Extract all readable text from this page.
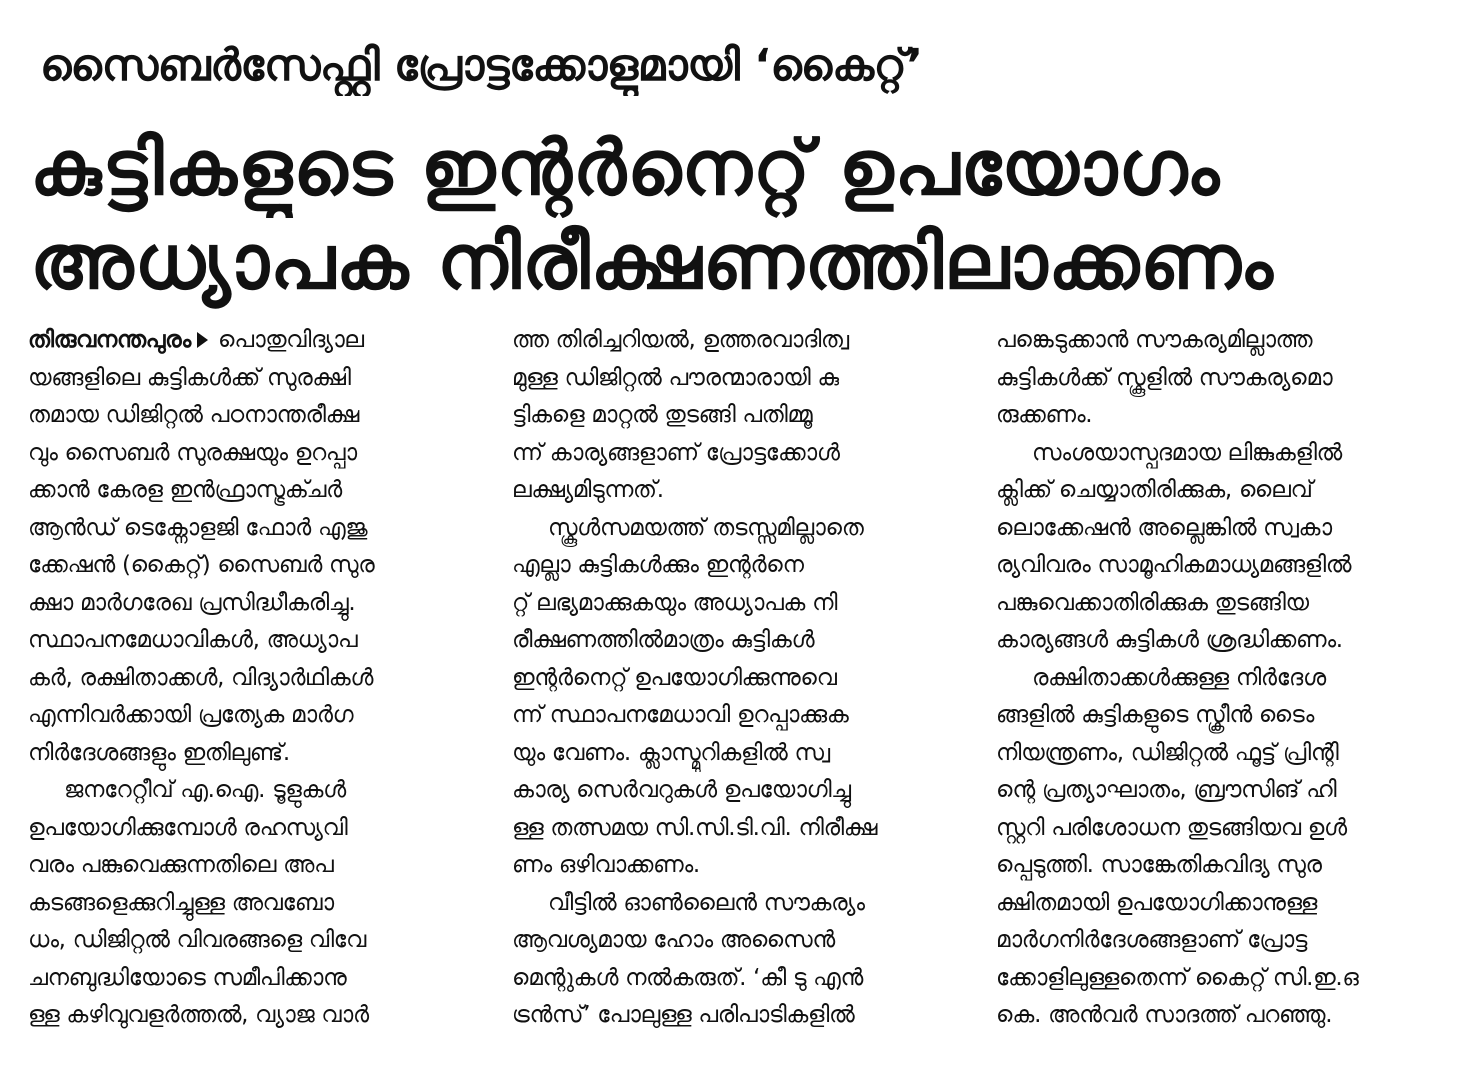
സൈബർസേഫ്റ്റി പ്രോട്ടക്കോളുമായി ‘കൈറ്റ്’
കുട്ടികളുടെ ഇന്റർനെറ്റ് ഉപയോഗം
അധ്യാപക നിരീക്ഷണത്തിലാക്കണം
തിരുവനന്തപുരം പൊതുവിദ്യാല
യങ്ങളിലെ കുട്ടികൾക്ക് സുരക്ഷി
തമായ ഡിജിറ്റൽ പഠനാന്തരീക്ഷ
വും സൈബർ സുരക്ഷയും ഉറപ്പാ
ക്കാൻ കേരള ഇൻഫ്രാസ്ട്രക്ചർ
ആൻഡ് ടെക്നോളജി ഫോർ എജു
ക്കേഷൻ (കൈറ്റ്) സൈബർ സുര
ക്ഷാ മാർഗരേഖ പ്രസിദ്ധീകരിച്ചു.
സ്ഥാപനമേധാവികൾ, അധ്യാപ
കർ, രക്ഷിതാക്കൾ, വിദ്യാർഥികൾ
എന്നിവർക്കായി പ്രത്യേക മാർഗ
നിർദേശങ്ങളും ഇതിലുണ്ട്.
ജനറേറ്റീവ് എ.ഐ. ടൂളുകൾ
ഉപയോഗിക്കുമ്പോൾ രഹസ്യവി
വരം പങ്കുവെക്കുന്നതിലെ അപ
കടങ്ങളെക്കുറിച്ചുള്ള അവബോ
ധം, ഡിജിറ്റൽ വിവരങ്ങളെ വിവേ
ചനബുദ്ധിയോടെ സമീപിക്കാനു
ള്ള കഴിവുവളർത്തൽ, വ്യാജ വാർ
ത്ത തിരിച്ചറിയൽ, ഉത്തരവാദിത്വ
മുള്ള ഡിജിറ്റൽ പൗരന്മാരായി കു
ട്ടികളെ മാറ്റൽ തുടങ്ങി പതിമ്മൂ
ന്ന് കാര്യങ്ങളാണ് പ്രോട്ടക്കോൾ
ലക്ഷ്യമിടുന്നത്.
സ്കൂൾസമയത്ത് തടസ്സമില്ലാതെ
എല്ലാ കുട്ടികൾക്കും ഇന്റർനെ
റ്റ് ലഭ്യമാക്കുകയും അധ്യാപക നി
രീക്ഷണത്തിൽമാത്രം കുട്ടികൾ
ഇന്റർനെറ്റ് ഉപയോഗിക്കുന്നുവെ
ന്ന് സ്ഥാപനമേധാവി ഉറപ്പാക്കുക
യും വേണം. ക്ലാസ്മുറികളിൽ സ്വ
കാര്യ സെർവറുകൾ ഉപയോഗിച്ചു
ള്ള തത്സമയ സി.സി.ടി.വി. നിരീക്ഷ
ണം ഒഴിവാക്കണം.
വീട്ടിൽ ഓൺലൈൻ സൗകര്യം
ആവശ്യമായ ഹോം അസൈൻ
മെന്റുകൾ നൽകരുത്. ‘കീ ടു എൻ
ട്രൻസ്’ പോലുള്ള പരിപാടികളിൽ
പങ്കെടുക്കാൻ സൗകര്യമില്ലാത്ത
കുട്ടികൾക്ക് സ്കൂളിൽ സൗകര്യമൊ
രുക്കണം.
സംശയാസ്പദമായ ലിങ്കുകളിൽ
ക്ലിക്ക് ചെയ്യാതിരിക്കുക, ലൈവ്
ലൊക്കേഷൻ അല്ലെങ്കിൽ സ്വകാ
ര്യവിവരം സാമൂഹികമാധ്യമങ്ങളിൽ
പങ്കുവെക്കാതിരിക്കുക തുടങ്ങിയ
കാര്യങ്ങൾ കുട്ടികൾ ശ്രദ്ധിക്കണം.
രക്ഷിതാക്കൾക്കുള്ള നിർദേശ
ങ്ങളിൽ കുട്ടികളുടെ സ്ക്രീൻ ടൈം
നിയന്ത്രണം, ഡിജിറ്റൽ ഫൂട്ട് പ്രിന്റി
ന്റെ പ്രത്യാഘാതം, ബ്രൗസിങ് ഹി
സ്റ്ററി പരിശോധന തുടങ്ങിയവ ഉൾ
പ്പെടുത്തി. സാങ്കേതികവിദ്യ സുര
ക്ഷിതമായി ഉപയോഗിക്കാനുള്ള
മാർഗനിർദേശങ്ങളാണ് പ്രോട്ട
ക്കോളിലുള്ളതെന്ന് കൈറ്റ് സി.ഇ.ഒ
കെ. അൻവർ സാദത്ത് പറഞ്ഞു.
